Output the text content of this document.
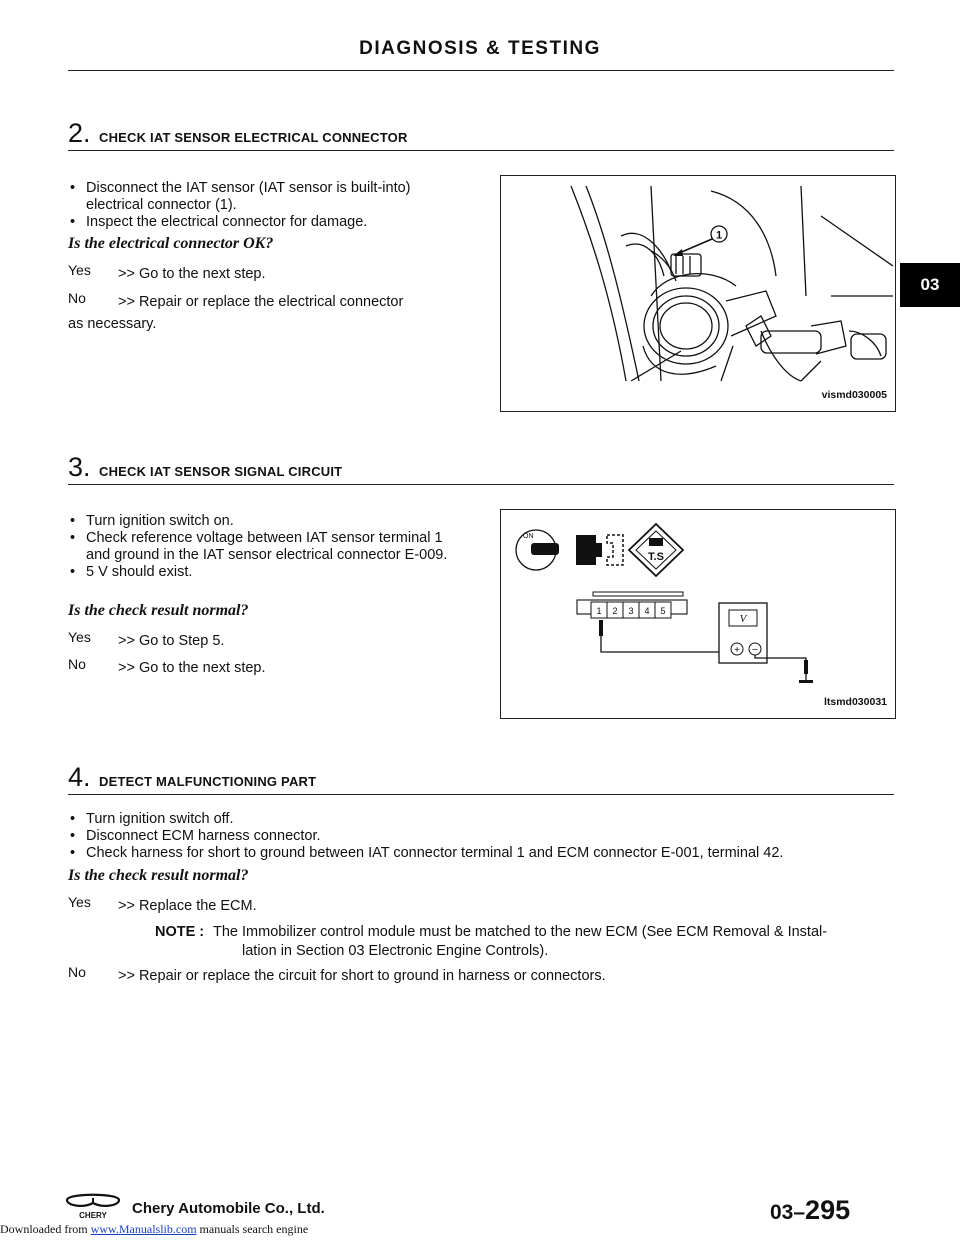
DIAGNOSIS & TESTING
03
2. CHECK IAT SENSOR ELECTRICAL CONNECTOR
• Disconnect the IAT sensor (IAT sensor is built-into) electrical connector (1).
• Inspect the electrical connector for damage.
Is the electrical connector OK?
Yes >> Go to the next step.
No >> Repair or replace the electrical connector
as necessary.
1
vismd030005
3. CHECK IAT SENSOR SIGNAL CIRCUIT
• Turn ignition switch on.
• Check reference voltage between IAT sensor terminal 1 and ground in the IAT sensor electrical connector E-009.
• 5 V should exist.
Is the check result normal?
Yes >> Go to Step 5.
No >> Go to the next step.
ON
T.S
1 2 3 4 5
V
+ –
ltsmd030031
4. DETECT MALFUNCTIONING PART
• Turn ignition switch off.
• Disconnect ECM harness connector.
• Check harness for short to ground between IAT connector terminal 1 and ECM connector E-001, terminal 42.
Is the check result normal?
Yes >> Replace the ECM.
NOTE : The Immobilizer control module must be matched to the new ECM (See ECM Removal & Instal-
lation in Section 03 Electronic Engine Controls).
No >> Repair or replace the circuit for short to ground in harness or connectors.
CHERY Chery Automobile Co., Ltd.	03–295
Downloaded from www.Manualslib.com manuals search engine
